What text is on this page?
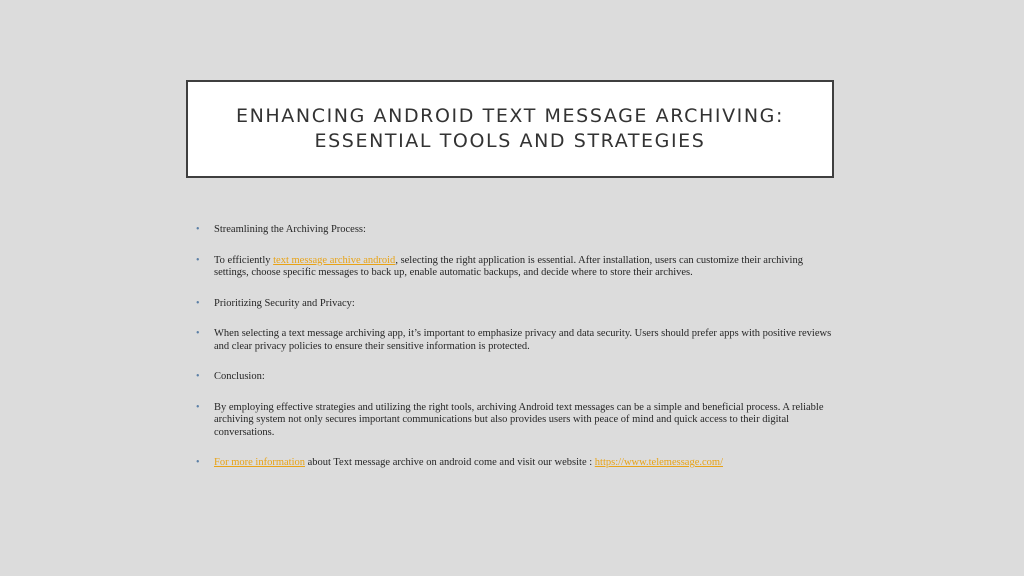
ENHANCING ANDROID TEXT MESSAGE ARCHIVING:
ESSENTIAL TOOLS AND STRATEGIES
• Streamlining the Archiving Process:
• To efficiently text message archive android, selecting the right application is essential. After installation, users can customize their archiving settings, choose specific messages to back up, enable automatic backups, and decide where to store their archives.
• Prioritizing Security and Privacy:
• When selecting a text message archiving app, it’s important to emphasize privacy and data security. Users should prefer apps with positive reviews and clear privacy policies to ensure their sensitive information is protected.
• Conclusion:
• By employing effective strategies and utilizing the right tools, archiving Android text messages can be a simple and beneficial process. A reliable archiving system not only secures important communications but also provides users with peace of mind and quick access to their digital conversations.
• For more information about Text message archive on android come and visit our website : https://www.telemessage.com/
